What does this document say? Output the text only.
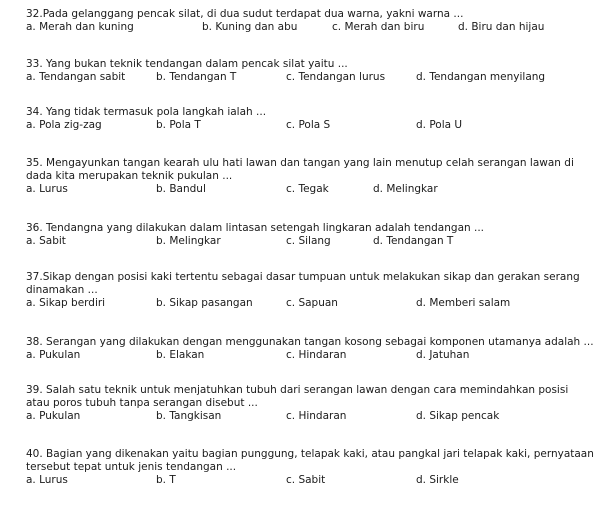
32.Pada gelanggang pencak silat, di dua sudut terdapat dua warna, yakni warna ...
a. Merah dan kuning	b. Kuning dan abu	c. Merah dan biru	d. Biru dan hijau
33. Yang bukan teknik tendangan dalam pencak silat yaitu ...
a. Tendangan sabit	b. Tendangan T	c. Tendangan lurus	d. Tendangan menyilang
34. Yang tidak termasuk pola langkah ialah ...
a. Pola zig-zag	b. Pola T	c. Pola S	d. Pola U
35. Mengayunkan tangan kearah ulu hati lawan dan tangan yang lain menutup celah serangan lawan di
dada kita merupakan teknik pukulan ...
a. Lurus	b. Bandul	c. Tegak	d. Melingkar
36. Tendangna yang dilakukan dalam lintasan setengah lingkaran adalah tendangan ...
a. Sabit	b. Melingkar	c. Silang	d. Tendangan T
37.Sikap dengan posisi kaki tertentu sebagai dasar tumpuan untuk melakukan sikap dan gerakan serang
dinamakan ...
a. Sikap berdiri	b. Sikap pasangan	c. Sapuan	d. Memberi salam
38. Serangan yang dilakukan dengan menggunakan tangan kosong sebagai komponen utamanya adalah ...
a. Pukulan	b. Elakan	c. Hindaran	d. Jatuhan
39. Salah satu teknik untuk menjatuhkan tubuh dari serangan lawan dengan cara memindahkan posisi
atau poros tubuh tanpa serangan disebut ...
a. Pukulan	b. Tangkisan	c. Hindaran	d. Sikap pencak
40. Bagian yang dikenakan yaitu bagian punggung, telapak kaki, atau pangkal jari telapak kaki, pernyataan
tersebut tepat untuk jenis tendangan ...
a. Lurus	b. T	c. Sabit	d. Sirkle
